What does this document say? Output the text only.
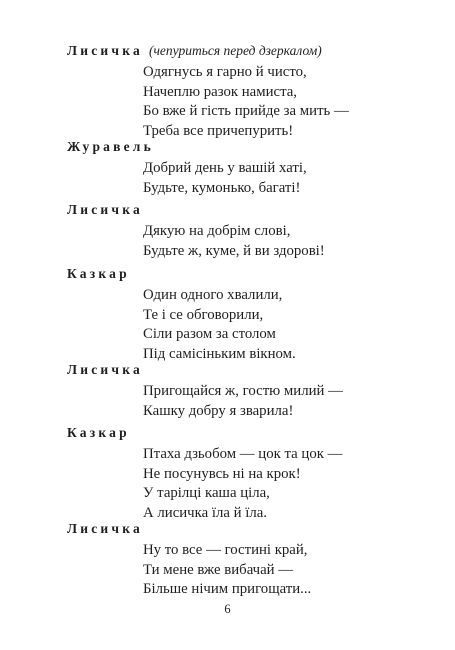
Лисичка (чепуриться перед дзеркалом)
Одягнусь я гарно й чисто,
Начеплю разок намиста,
Бо вже й гість прийде за мить —
Треба все причепурить!
Журавель
Добрий день у вашій хаті,
Будьте, кумонько, багаті!
Лисичка
Дякую на добрім слові,
Будьте ж, куме, й ви здорові!
Казкар
Один одного хвалили,
Те і се обговорили,
Сіли разом за столом
Під самісіньким вікном.
Лисичка
Пригощайся ж, гостю милий —
Кашку добру я зварила!
Казкар
Птаха дзьобом — цок та цок —
Не посунувсь ні на крок!
У тарілці каша ціла,
А лисичка їла й їла.
Лисичка
Ну то все — гостині край,
Ти мене вже вибачай —
Більше нічим пригощати...
6
